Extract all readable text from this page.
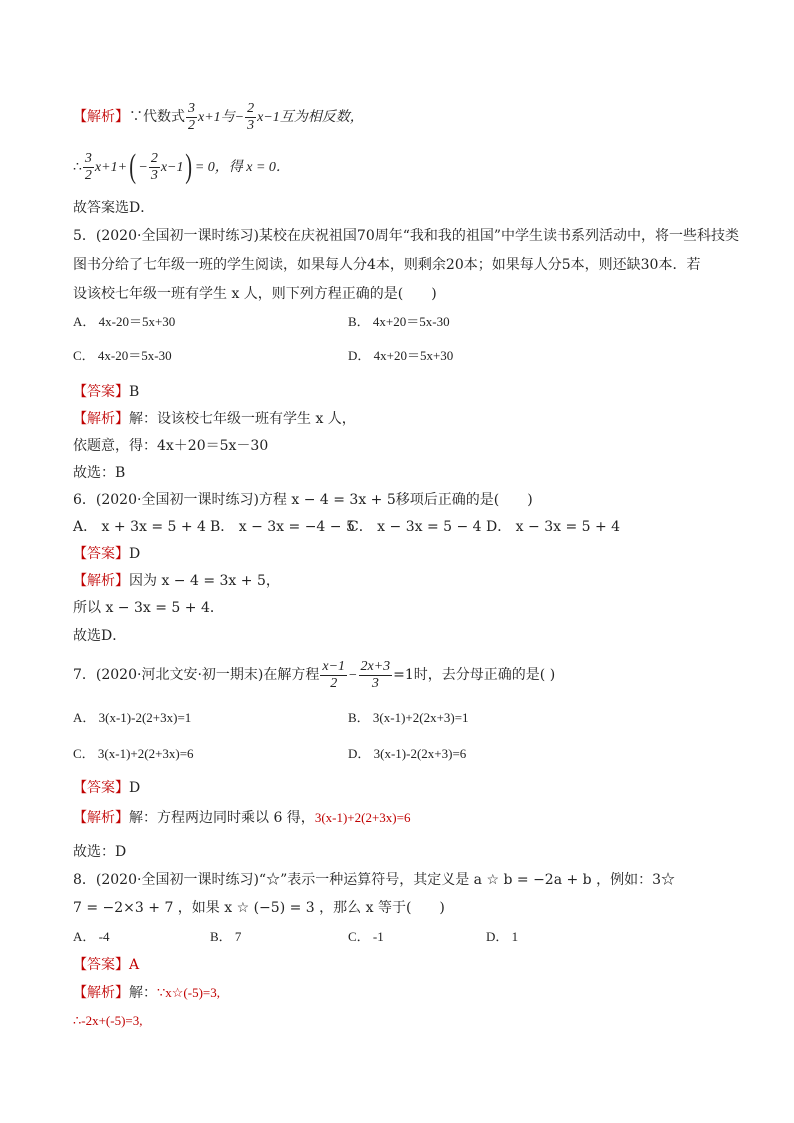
【解析】∵代数式 $\frac{3}{2} x+1$与− $\frac{2}{3} x-1$互为相反数，
∴ $\frac{3}{2} x+1+( - \frac{2}{3} x-1) = 0$，得 x = 0．
故答案选D．
5．(2020·全国初一课时练习)某校在庆祝祖国70周年“我和我的祖国”中学生读书系列活动中，将一些科技类
图书分给了七年级一班的学生阅读，如果每人分4本，则剩余20本；如果每人分5本，则还缺30本．若
设该校七年级一班有学生 x 人，则下列方程正确的是(　　)
A． 4x-20＝5x+30	B． 4x+20＝5x-30
C． 4x-20＝5x-30	D． 4x+20＝5x+30
【答案】B
【解析】解：设该校七年级一班有学生 x 人，
依题意，得：4x＋20＝5x－30
故选：B
6．(2020·全国初一课时练习)方程 x − 4 = 3x + 5移项后正确的是(　　)
A． x + 3x = 5 + 4 B． x − 3x = −4 − 5
C． x − 3x = 5 − 4 D． x − 3x = 5 + 4
【答案】D
【解析】因为 x − 4 = 3x + 5，
所以 x − 3x = 5 + 4．
故选D．
7．(2020·河北文安·初一期末)在解方程 $\frac{x-1}{2} - \frac{2x+3}{3} =1$时，去分母正确的是( )
A． 3(x-1)-2(2+3x)=1	B． 3(x-1)+2(2x+3)=1
C． 3(x-1)+2(2+3x)=6	D． 3(x-1)-2(2x+3)=6
【答案】D
【解析】解：方程两边同时乘以 6 得，3(x-1)+2(2+3x)=6
故选：D
8．(2020·全国初一课时练习)“☆”表示一种运算符号，其定义是 a ☆ b = −2a + b ，例如：3☆
7 = −2×3 + 7 ，如果 x ☆ (−5) = 3 ，那么 x 等于(　　)
A． -4	B． 7	C． -1	D． 1
【答案】A
【解析】解：∵x☆(-5)=3,
∴-2x+(-5)=3,
